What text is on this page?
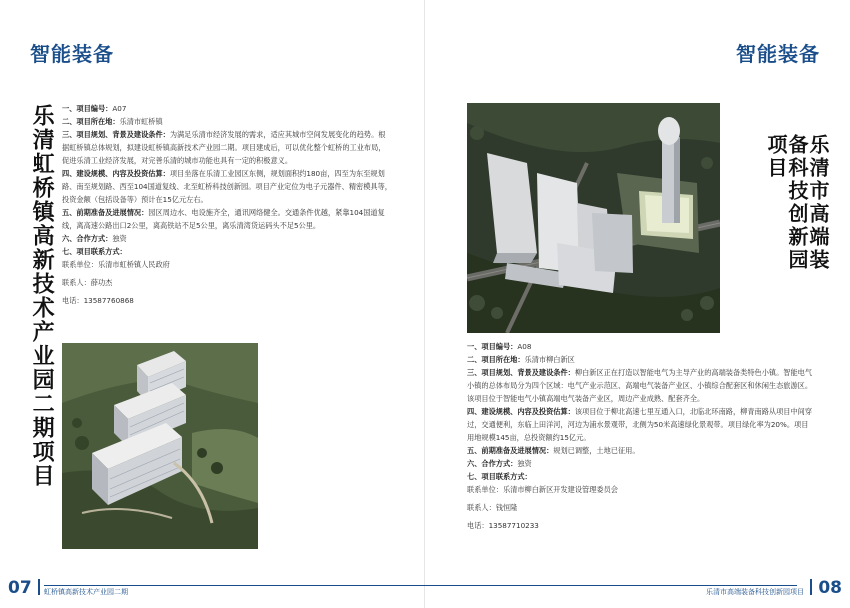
智能装备
乐清虹桥镇高新技术产业园二期项目 一、项目编号：A07

二、项目所在地：乐清市虹桥镇

三、项目规划、背景及建设条件：为满足乐清市经济发展的需求，适应其城市空间发展变化的趋势。根据虹桥镇总体规划，拟建设虹桥镇高新技术产业园二期。项目建成后，可以优化整个虹桥的工业布局，促进乐清工业经济发展，对完善乐清的城市功能也具有一定的积极意义。

四、建设规模、内容及投资估算：项目坐落在乐清工业园区东侧，规划面积约180亩，四至为东至规划路、南至规划路、西至104国道复线、北至虹桥科技创新园。项目产业定位为电子元器件、精密模具等，投资金额（包括设备等）预计在15亿元左右。

五、前期准备及进展情况：园区周边水、电设施齐全，通讯网络健全。交通条件优越，紧靠104国道复线，离高速公路出口2公里，离高铁站不足5公里，离乐清湾货运码头不足5公里。

六、合作方式：独资

七、项目联系方式：

联系单位：乐清市虹桥镇人民政府

联系人：薛功杰

电话：13587760868

07 虹桥镇高新技术产业园二期
智能装备
乐清市高端装备科技创新园项目

一、项目编号：A08

二、项目所在地：乐清市柳白新区

三、项目规划、背景及建设条件：柳白新区正在打造以智能电气为主导产业的高端装备类特色小镇。智能电气小镇的总体布局分为四个区域：电气产业示范区、高端电气装备产业区、小镇综合配套区和休闲生态旅游区。该项目位于智能电气小镇高端电气装备产业区，周边产业成熟、配套齐全。

四、建设规模、内容及投资估算：该项目位于柳北高速七里互通入口，北临北环南路，柳青南路从项目中间穿过，交通便利，东临上田洋河，河边为浦水景观带，北侧为50米高速绿化景观带。项目绿化率为20%。项目用地规模145亩，总投资额约15亿元。

五、前期准备及进展情况：规划已调整，土地已征用。

六、合作方式：独资

七、项目联系方式：

联系单位：乐清市柳白新区开发建设管理委员会

联系人：钱恒隆

电话：13587710233

乐清市高端装备科技创新园项目 08
